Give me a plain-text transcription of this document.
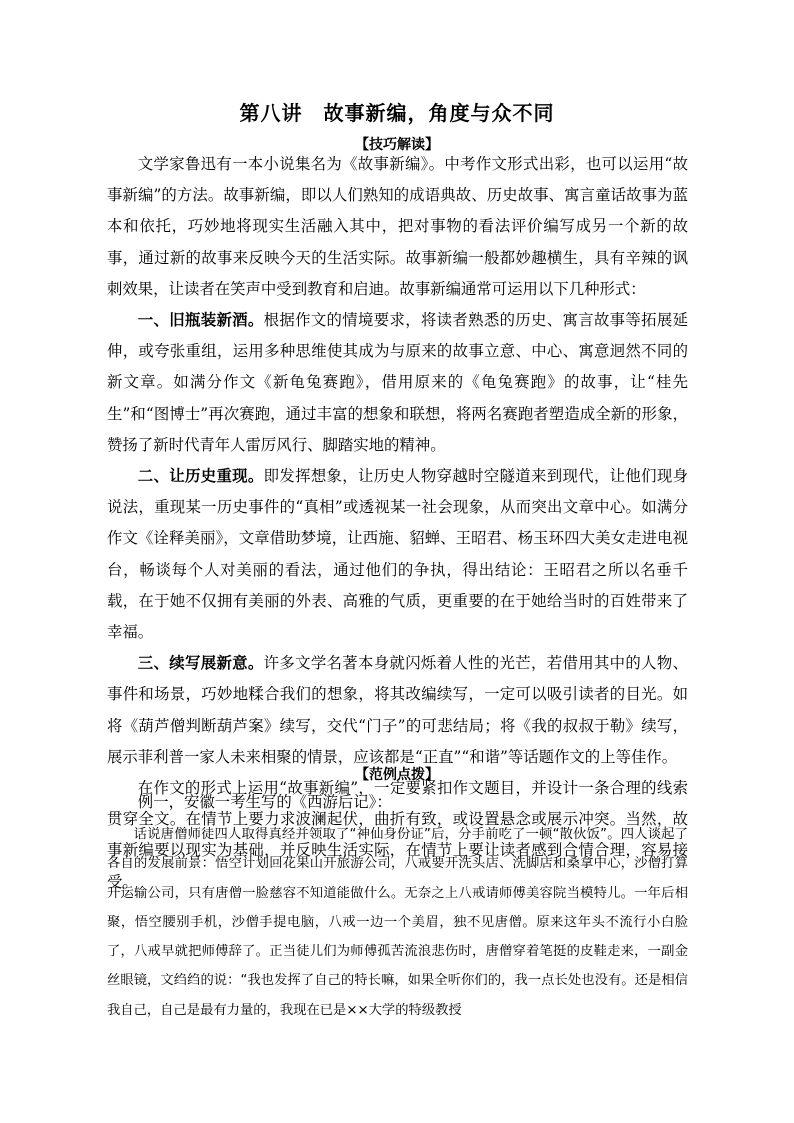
第八讲　故事新编，角度与众不同
【技巧解读】

文学家鲁迅有一本小说集名为《故事新编》。中考作文形式出彩，也可以运用“故事新编”的方法。故事新编，即以人们熟知的成语典故、历史故事、寓言童话故事为蓝本和依托，巧妙地将现实生活融入其中，把对事物的看法评价编写成另一个新的故事，通过新的故事来反映今天的生活实际。故事新编一般都妙趣横生，具有辛辣的讽刺效果，让读者在笑声中受到教育和启迪。故事新编通常可运用以下几种形式：

一、旧瓶装新酒。根据作文的情境要求，将读者熟悉的历史、寓言故事等拓展延伸，或夸张重组，运用多种思维使其成为与原来的故事立意、中心、寓意迥然不同的新文章。如满分作文《新龟兔赛跑》，借用原来的《龟兔赛跑》的故事，让“桂先生”和“图博士”再次赛跑，通过丰富的想象和联想，将两名赛跑者塑造成全新的形象，赞扬了新时代青年人雷厉风行、脚踏实地的精神。

二、让历史重现。即发挥想象，让历史人物穿越时空隧道来到现代，让他们现身说法，重现某一历史事件的“真相”或透视某一社会现象，从而突出文章中心。如满分作文《诠释美丽》，文章借助梦境，让西施、貂蝉、王昭君、杨玉环四大美女走进电视台，畅谈每个人对美丽的看法，通过他们的争执，得出结论：王昭君之所以名垂千载，在于她不仅拥有美丽的外表、高雅的气质，更重要的在于她给当时的百姓带来了幸福。

三、续写展新意。许多文学名著本身就闪烁着人性的光芒，若借用其中的人物、事件和场景，巧妙地糅合我们的想象，将其改编续写，一定可以吸引读者的目光。如将《葫芦僧判断葫芦案》续写，交代“门子”的可悲结局；将《我的叔叔于勒》续写，展示菲利普一家人未来相聚的情景，应该都是“正直”“和谐”等话题作文的上等佳作。

在作文的形式上运用“故事新编”，一定要紧扣作文题目，并设计一条合理的线索贯穿全文。在情节上要力求波澜起伏，曲折有致，或设置悬念或展示冲突。当然，故事新编要以现实为基础，并反映生活实际，在情节上要让读者感到合情合理，容易接受。

【范例点拨】

例一，安徽一考生写的《西游后记》：

话说唐僧师徒四人取得真经并领取了“神仙身份证”后，分手前吃了一顿“散伙饭”。四人谈起了各自的发展前景：悟空计划回花果山开旅游公司，八戒要开洗头店、洗脚店和桑拿中心，沙僧打算开运输公司，只有唐僧一脸慈容不知道能做什么。无奈之上八戒请师傅美容院当模特儿。一年后相聚，悟空腰别手机，沙僧手提电脑，八戒一边一个美眉，独不见唐僧。原来这年头不流行小白脸了，八戒早就把师傅辞了。正当徒儿们为师傅孤苦流浪悲伤时，唐僧穿着笔挺的皮鞋走来，一副金丝眼镜，文绉绉的说：“我也发挥了自己的特长嘛，如果全听你们的，我一点长处也没有。还是相信我自己，自己是最有力量的，我现在已是××大学的特级教授
